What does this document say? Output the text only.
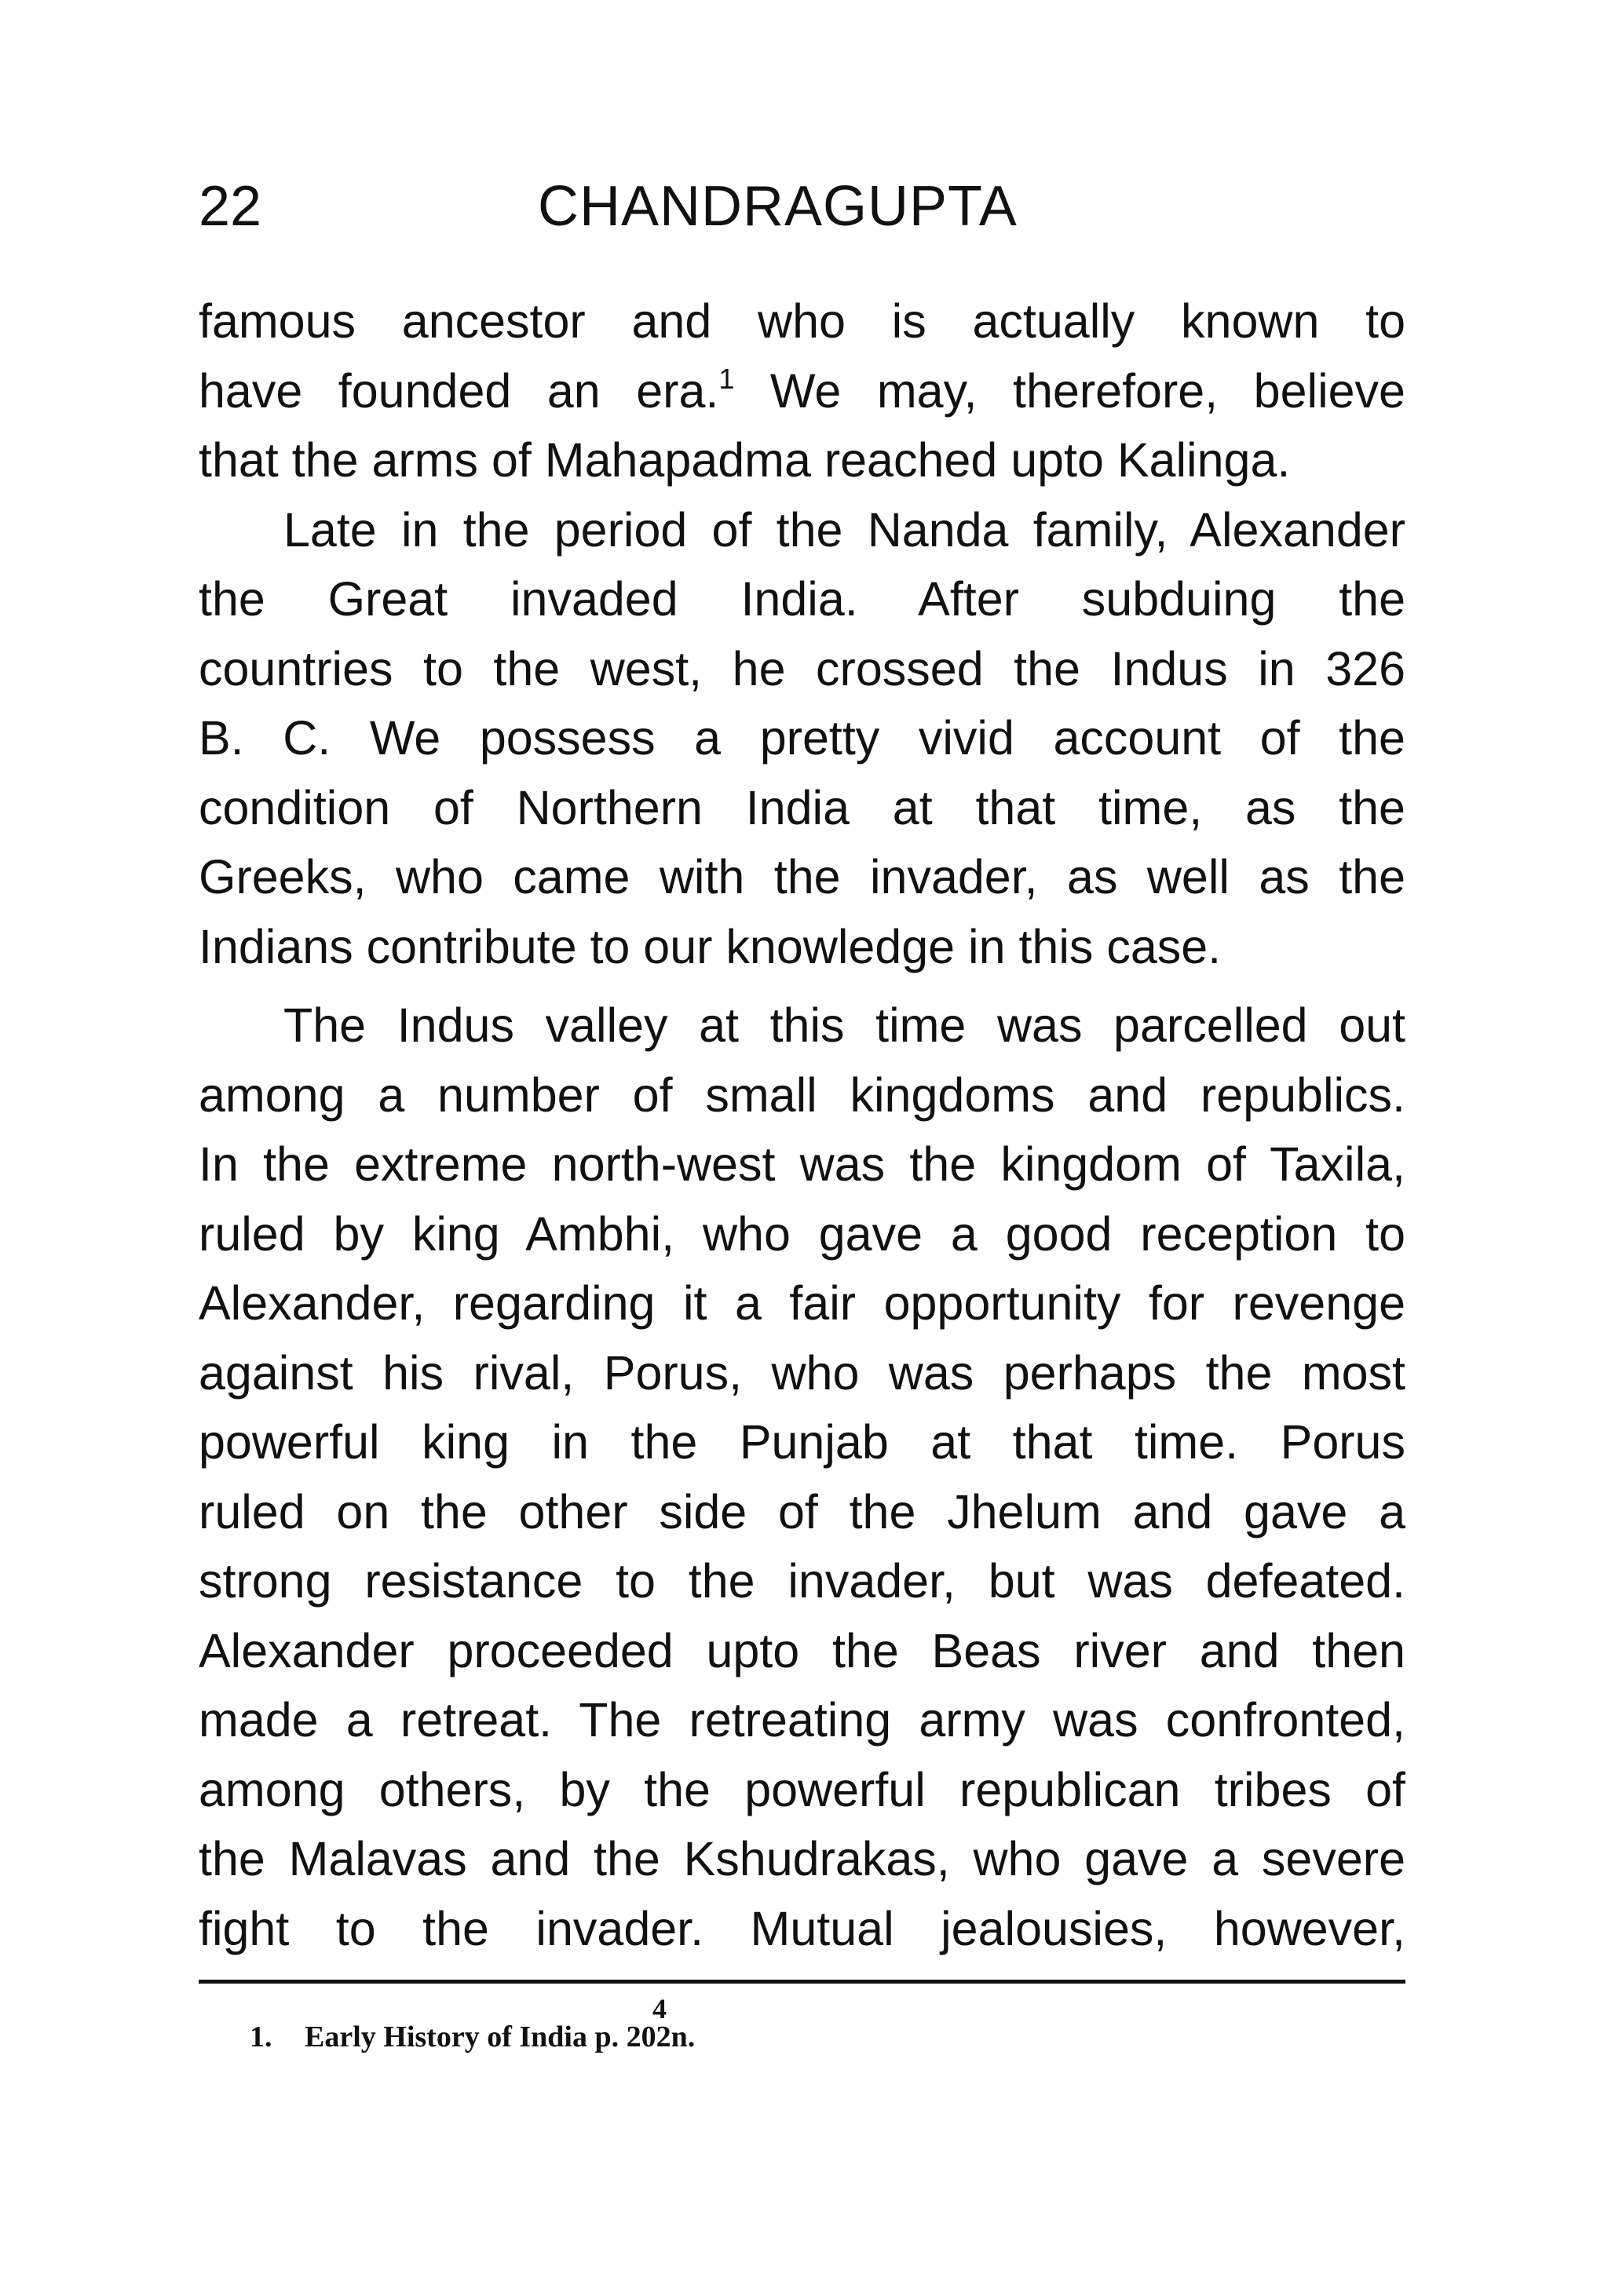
22	CHANDRAGUPTA
famous ancestor and who is actually known to
have founded an era.$^1$ We may, therefore, believe
that the arms of Mahapadma reached upto Kalinga.
Late in the period of the Nanda family, Alexander
the Great invaded India. After subduing the
countries to the west, he crossed the Indus in 326
B. C. We possess a pretty vivid account of the
condition of Northern India at that time, as the
Greeks, who came with the invader, as well as the
Indians contribute to our knowledge in this case.
The Indus valley at this time was parcelled out
among a number of small kingdoms and republics.
In the extreme north-west was the kingdom of Taxila,
ruled by king Ambhi, who gave a good reception to
Alexander, regarding it a fair opportunity for revenge
against his rival, Porus, who was perhaps the most
powerful king in the Punjab at that time. Porus
ruled on the other side of the Jhelum and gave a
strong resistance to the invader, but was defeated.
Alexander proceeded upto the Beas river and then
made a retreat. The retreating army was confronted,
among others, by the powerful republican tribes of
the Malavas and the Kshudrakas, who gave a severe
fight to the invader. Mutual jealousies, however,
4
1. Early History of India p. 202n.
